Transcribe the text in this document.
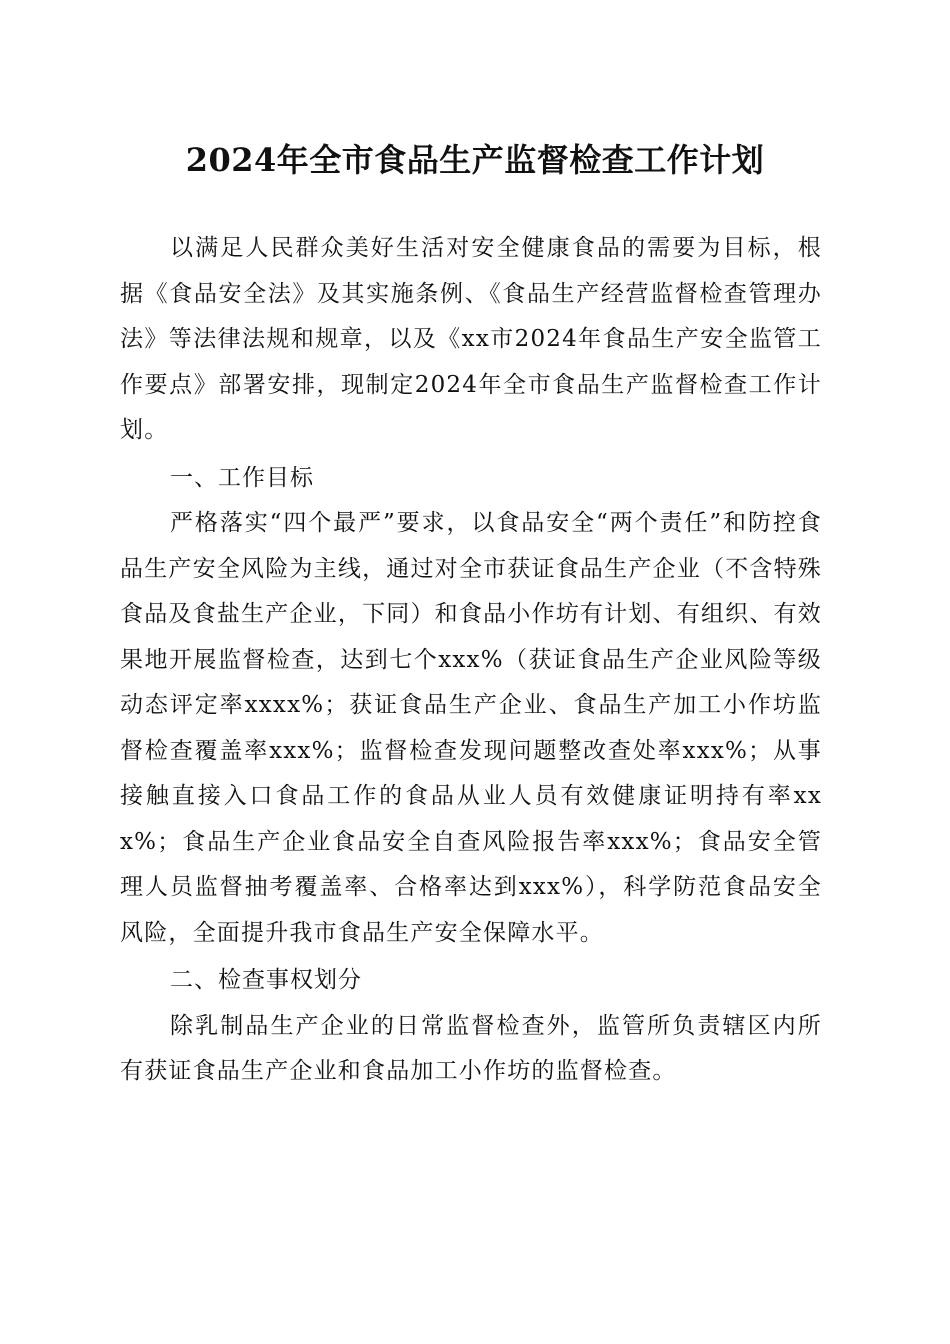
2024年全市食品生产监督检查工作计划

以满足人民群众美好生活对安全健康食品的需要为目标，根据《食品安全法》及其实施条例、《食品生产经营监督检查管理办法》等法律法规和规章，以及《xx市2024年食品生产安全监管工作要点》部署安排，现制定2024年全市食品生产监督检查工作计划。

一、工作目标

严格落实“四个最严”要求，以食品安全“两个责任”和防控食品生产安全风险为主线，通过对全市获证食品生产企业（不含特殊食品及食盐生产企业，下同）和食品小作坊有计划、有组织、有效果地开展监督检查，达到七个xxx%（获证食品生产企业风险等级动态评定率xxxx%；获证食品生产企业、食品生产加工小作坊监督检查覆盖率xxx%；监督检查发现问题整改查处率xxx%；从事接触直接入口食品工作的食品从业人员有效健康证明持有率xxx%；食品生产企业食品安全自查风险报告率xxx%；食品安全管理人员监督抽考覆盖率、合格率达到xxx%），科学防范食品安全风险，全面提升我市食品生产安全保障水平。

二、检查事权划分

除乳制品生产企业的日常监督检查外，监管所负责辖区内所有获证食品生产企业和食品加工小作坊的监督检查。
